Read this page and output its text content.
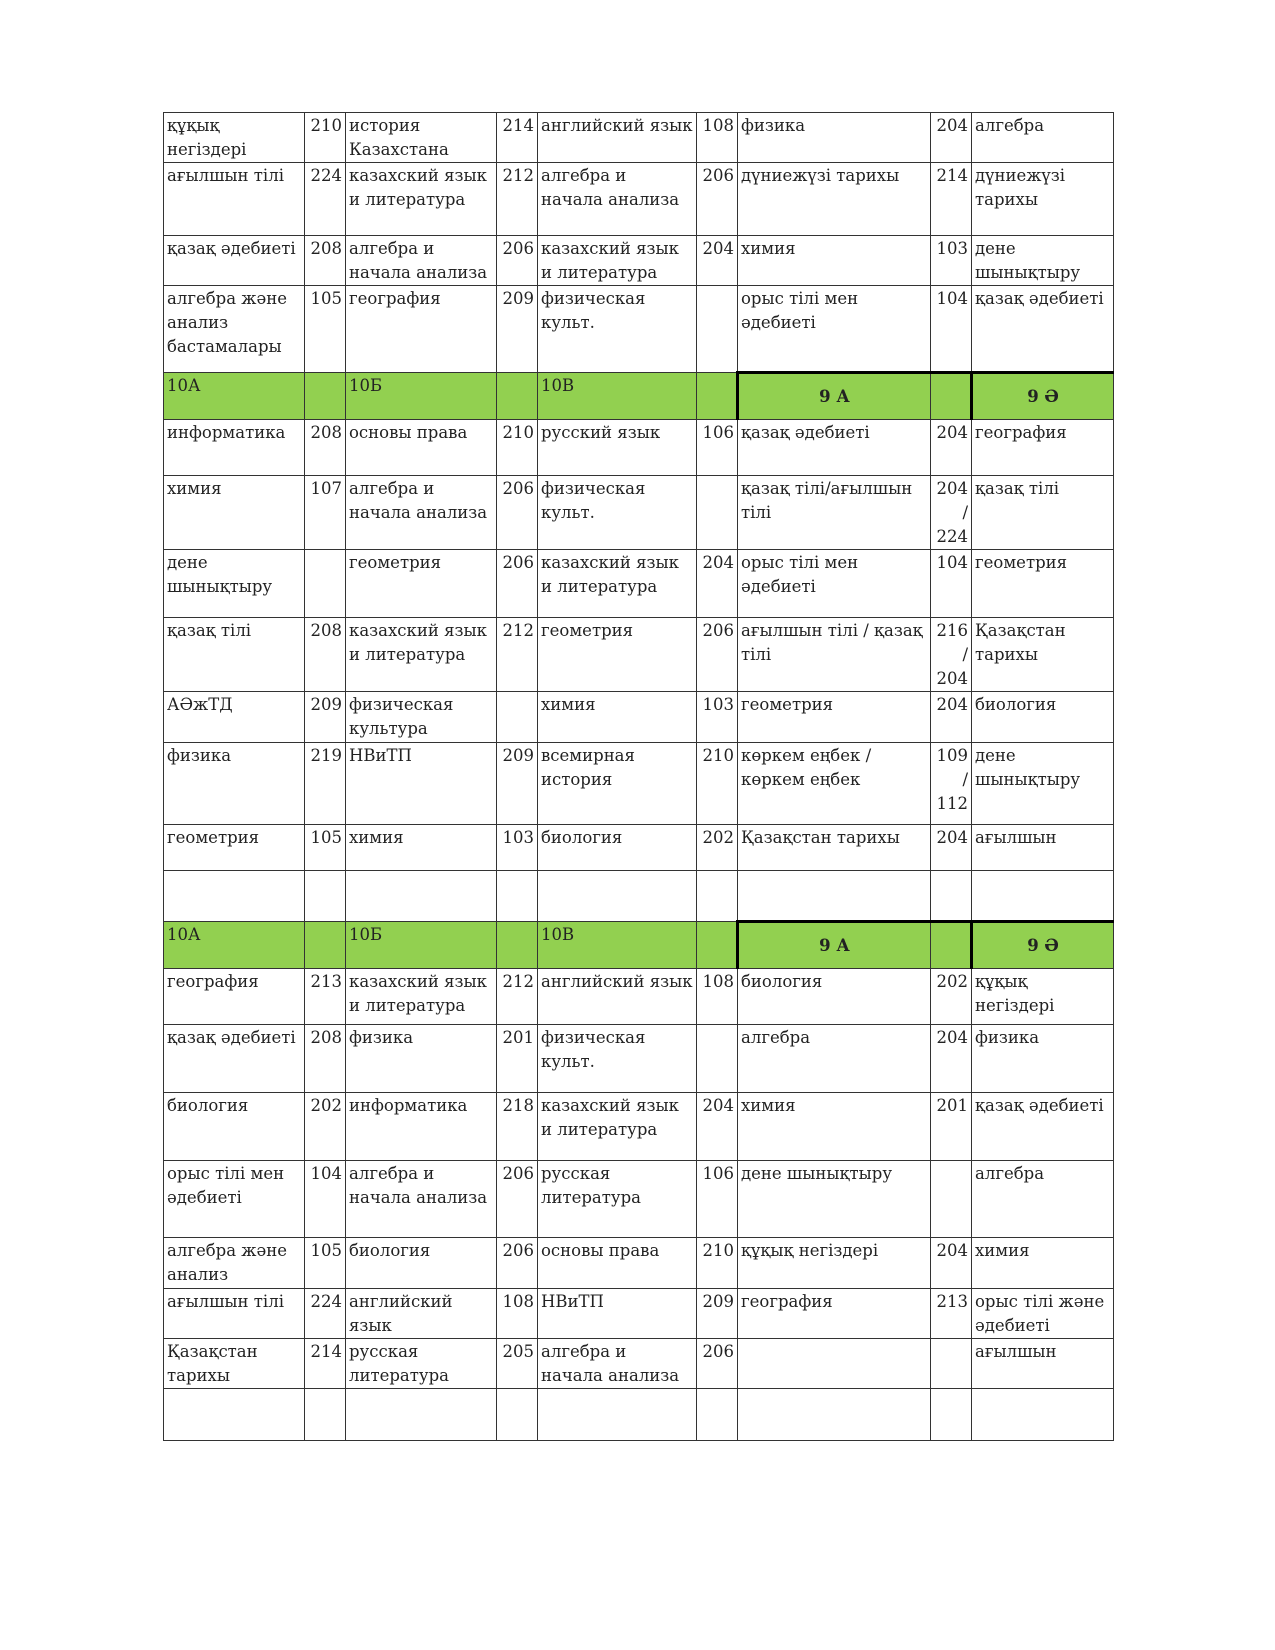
құқық негіздері	210	история Казахстана	214	английский язык	108	физика	204	алгебра
ағылшын тілі	224	казахский язык и литература	212	алгебра и начала анализа	206	дүниежүзі тарихы	214	дүниежүзі тарихы
қазақ әдебиеті	208	алгебра и начала анализа	206	казахский язык и литература	204	химия	103	дене шынықтыру
алгебра және анализ бастамалары	105	география	209	физическая культ.		орыс тілі мен әдебиеті	104	қазақ әдебиеті
10А		10Б		10В		9 А		9 Ә
информатика	208	основы права	210	русский язык	106	қазақ әдебиеті	204	география
химия	107	алгебра и начала анализа	206	физическая культ.		қазақ тілі/ағылшын тілі	204/ 224	қазақ тілі
дене шынықтыру		геометрия	206	казахский язык и литература	204	орыс тілі мен әдебиеті	104	геометрия
қазақ тілі	208	казахский язык и литература	212	геометрия	206	ағылшын тілі / қазақ тілі	216/ 204	Қазақстан тарихы
АӘжТД	209	физическая культура		химия	103	геометрия	204	биология
физика	219	НВиТП	209	всемирная история	210	көркем еңбек / көркем еңбек	109/ 112	дене шынықтыру
геометрия	105	химия	103	биология	202	Қазақстан тарихы	204	ағылшын

10А		10Б		10В		9 А		9 Ә
география	213	казахский язык и литература	212	английский язык	108	биология	202	құқық негіздері
қазақ әдебиеті	208	физика	201	физическая культ.		алгебра	204	физика
биология	202	информатика	218	казахский язык и литература	204	химия	201	қазақ әдебиеті
орыс тілі мен әдебиеті	104	алгебра и начала анализа	206	русская литература	106	дене шынықтыру		алгебра
алгебра және анализ	105	биология	206	основы права	210	құқық негіздері	204	химия
ағылшын тілі	224	английский язык	108	НВиТП	209	география	213	орыс тілі және әдебиеті
Қазақстан тарихы	214	русская литература	205	алгебра и начала анализа	206			ағылшын
